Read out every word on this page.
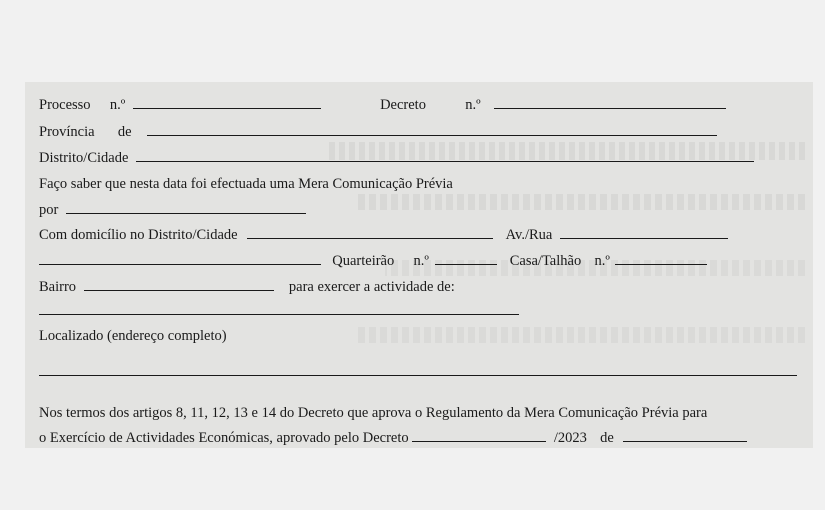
Processo n.º	Decreto	n.º
Província de
Distrito/Cidade
Faço saber que nesta data foi efectuada uma Mera Comunicação Prévia
por
Com domicílio no Distrito/Cidade	Av./Rua
Quarteirão n.º	Casa/Talhão n.º
Bairro	para exercer a actividade de:
Localizado (endereço completo)
Nos termos dos artigos 8, 11, 12, 13 e 14 do Decreto que aprova o Regulamento da Mera Comunicação Prévia para
o Exercício de Actividades Económicas, aprovado pelo Decreto	/2023 de
